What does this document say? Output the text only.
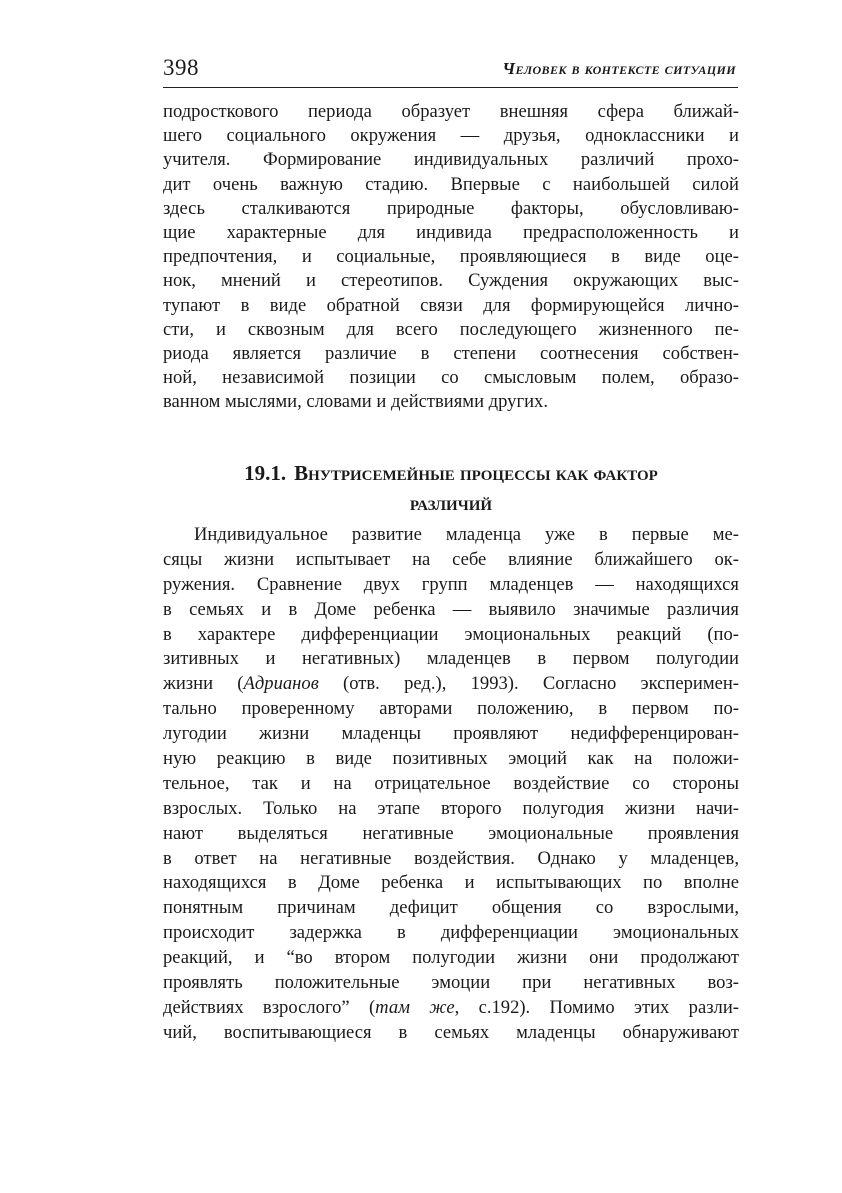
398	Человек в контексте ситуации
подросткового периода образует внешняя сфера ближай-
шего социального окружения — друзья, одноклассники и
учителя. Формирование индивидуальных различий прохо-
дит очень важную стадию. Впервые с наибольшей силой
здесь сталкиваются природные факторы, обусловливаю-
щие характерные для индивида предрасположенность и
предпочтения, и социальные, проявляющиеся в виде оце-
нок, мнений и стереотипов. Суждения окружающих выс-
тупают в виде обратной связи для формирующейся лично-
сти, и сквозным для всего последующего жизненного пе-
риода является различие в степени соотнесения собствен-
ной, независимой позиции со смысловым полем, образо-
ванном мыслями, словами и действиями других.
19.1. Внутрисемейные процессы как фактор
различий
Индивидуальное развитие младенца уже в первые ме-
сяцы жизни испытывает на себе влияние ближайшего ок-
ружения. Сравнение двух групп младенцев — находящихся
в семьях и в Доме ребенка — выявило значимые различия
в характере дифференциации эмоциональных реакций (по-
зитивных и негативных) младенцев в первом полугодии
жизни (Адрианов (отв. ред.), 1993). Согласно эксперимен-
тально проверенному авторами положению, в первом по-
лугодии жизни младенцы проявляют недифференцирован-
ную реакцию в виде позитивных эмоций как на положи-
тельное, так и на отрицательное воздействие со стороны
взрослых. Только на этапе второго полугодия жизни начи-
нают выделяться негативные эмоциональные проявления
в ответ на негативные воздействия. Однако у младенцев,
находящихся в Доме ребенка и испытывающих по вполне
понятным причинам дефицит общения со взрослыми,
происходит задержка в дифференциации эмоциональных
реакций, и “во втором полугодии жизни они продолжают
проявлять положительные эмоции при негативных воз-
действиях взрослого” (там же, с.192). Помимо этих разли-
чий, воспитывающиеся в семьях младенцы обнаруживают
